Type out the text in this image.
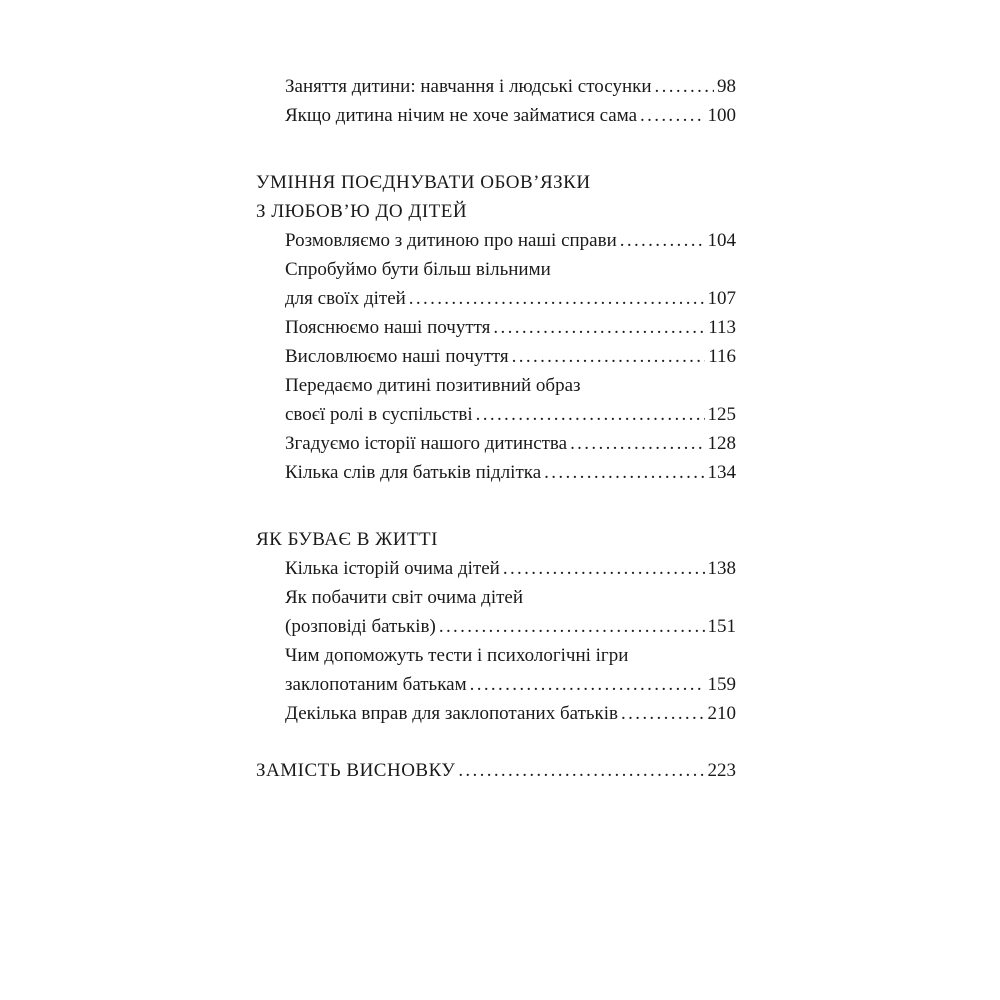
Заняття дитини: навчання і людські стосунки . . .	98
Якщо дитина нічим не хоче займатися сама . . .	100
УМІННЯ ПОЄДНУВАТИ ОБОВ’ЯЗКИ
З ЛЮБОВ’Ю ДО ДІТЕЙ
Розмовляємо з дитиною про наші справи . . .	104
Спробуймо бути більш вільними
для своїх дітей . . .	107
Пояснюємо наші почуття . . .	113
Висловлюємо наші почуття . . .	116
Передаємо дитині позитивний образ
своєї ролі в суспільстві . . .	125
Згадуємо історії нашого дитинства . . .	128
Кілька слів для батьків підлітка . . .	134
ЯК БУВАЄ В ЖИТТІ
Кілька історій очима дітей . . .	138
Як побачити світ очима дітей
(розповіді батьків) . . .	151
Чим допоможуть тести і психологічні ігри
заклопотаним батькам . . .	159
Декілька вправ для заклопотаних батьків . . .	210
ЗАМІСТЬ ВИСНОВКУ . . .	223
